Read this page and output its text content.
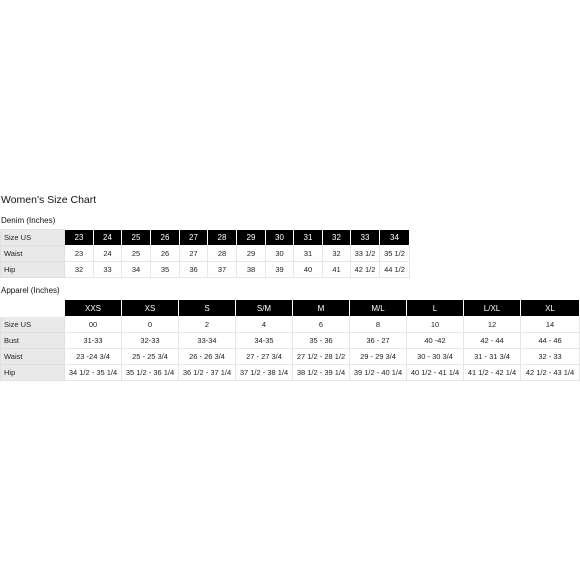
Women's Size Chart
Denim (Inches)
Size US	23	24	25	26	27	28	29	30	31	32	33	34
Waist	23	24	25	26	27	28	29	30	31	32	33 1/2	35 1/2
Hip	32	33	34	35	36	37	38	39	40	41	42 1/2	44 1/2
Apparel (Inches)
	XXS	XS	S	S/M	M	M/L	L	L/XL	XL
Size US	00	0	2	4	6	8	10	12	14
Bust	31-33	32-33	33-34	34-35	35 - 36	36 - 27	40 -42	42 - 44	44 - 46
Waist	23 -24 3/4	25 - 25 3/4	26 - 26 3/4	27 - 27 3/4	27 1/2 - 28 1/2	29 - 29 3/4	30 - 30 3/4	31 - 31 3/4	32 - 33
Hip	34 1/2 - 35 1/4	35 1/2 - 36 1/4	36 1/2 - 37 1/4	37 1/2 - 38 1/4	38 1/2 - 39 1/4	39 1/2 - 40 1/4	40 1/2 - 41 1/4	41 1/2 - 42 1/4	42 1/2 - 43 1/4
